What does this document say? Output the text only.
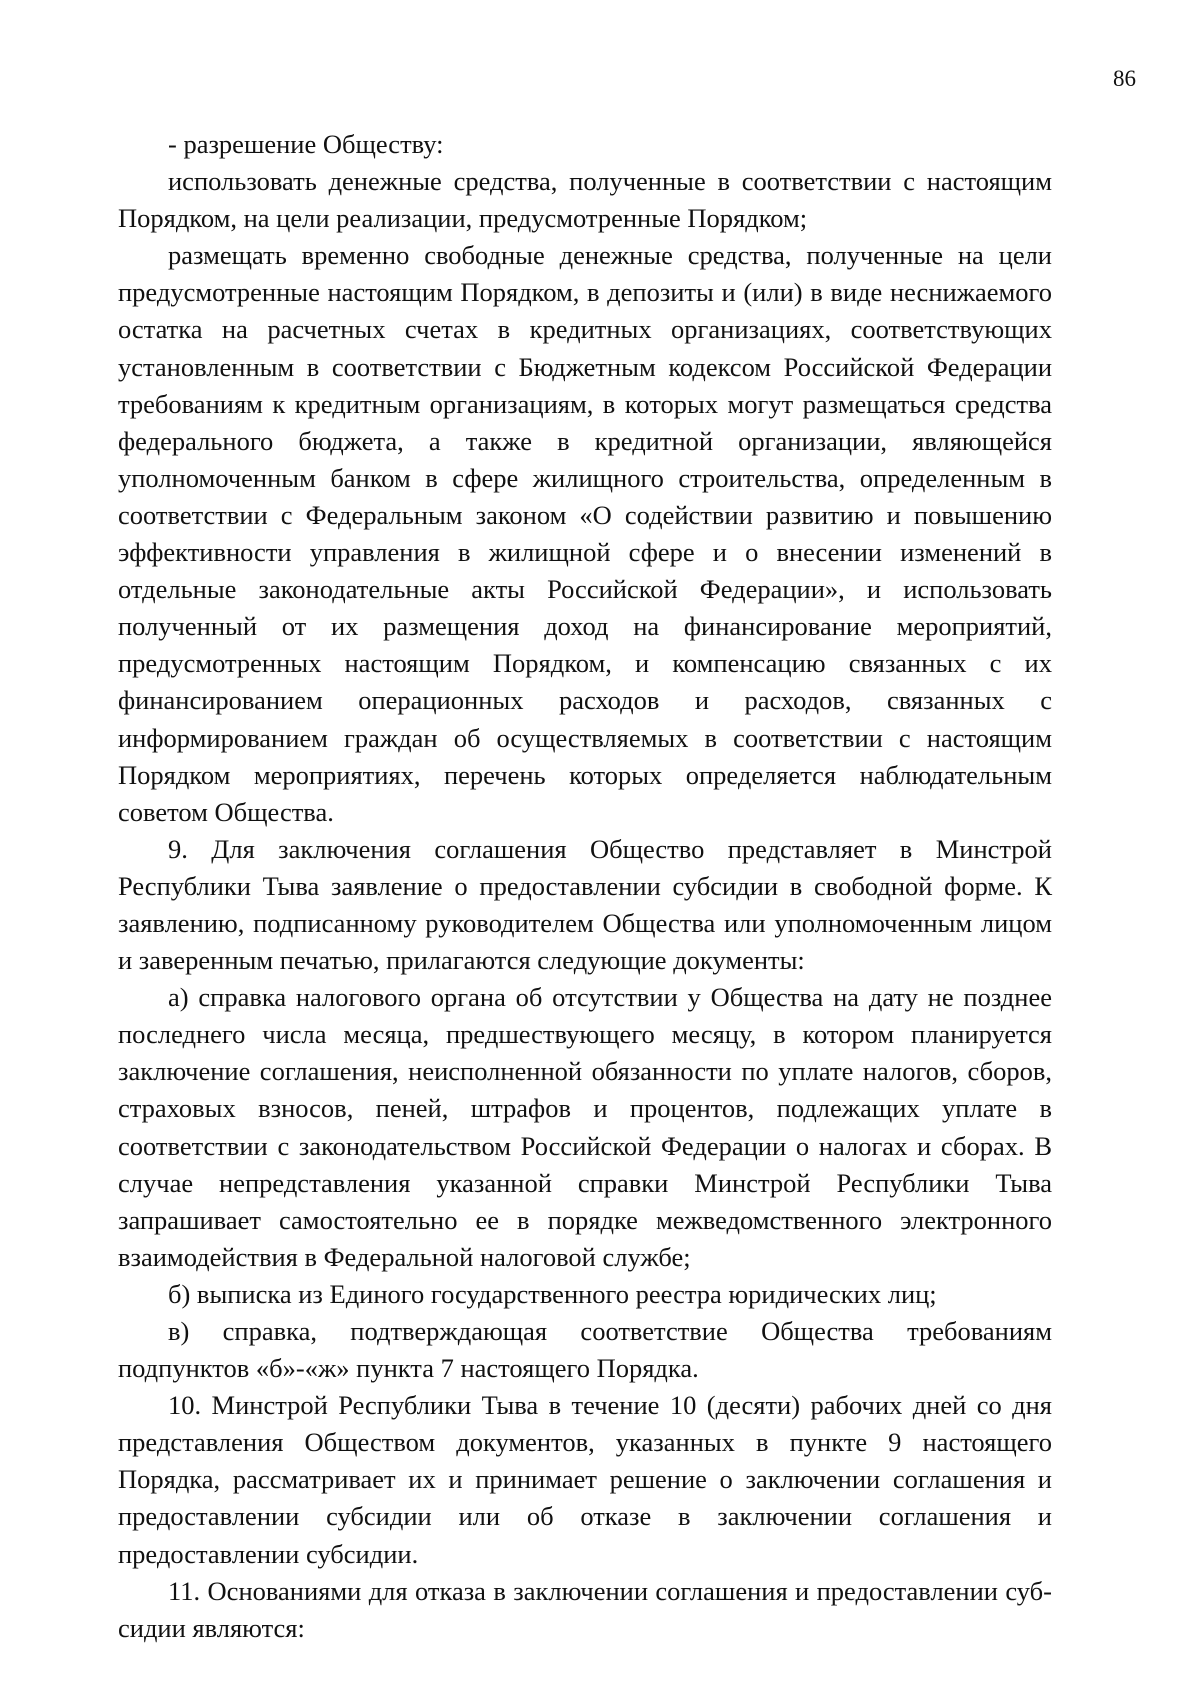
86

- разрешение Обществу:

использовать денежные средства, полученные в соответствии с настоящим Порядком, на цели реализации, предусмотренные Порядком;

размещать временно свободные денежные средства, полученные на цели предусмотренные настоящим Порядком, в депозиты и (или) в виде неснижаемого остатка на расчетных счетах в кредитных организациях, соответствующих установленным в соответствии с Бюджетным кодексом Российской Федерации требованиям к кредитным организациям, в которых могут размещаться средства федерального бюджета, а также в кредитной организации, являющейся уполномоченным банком в сфере жилищного строительства, определенным в соответствии с Федеральным законом «О содействии развитию и повышению эффективности управления в жилищной сфере и о внесении изменений в отдельные законодательные акты Российской Федерации», и использовать полученный от их размещения доход на финансирование мероприятий, предусмотренных настоящим Порядком, и компенсацию связанных с их финансированием операционных расходов и расходов, связанных с информированием граждан об осуществляемых в соответствии с настоящим Порядком мероприятиях, перечень которых определяется наблюдательным советом Общества.

9. Для заключения соглашения Общество представляет в Минстрой Республики Тыва заявление о предоставлении субсидии в свободной форме. К заявлению, подписанному руководителем Общества или уполномоченным лицом и заверенным печатью, прилагаются следующие документы:

а) справка налогового органа об отсутствии у Общества на дату не позднее последнего числа месяца, предшествующего месяцу, в котором планируется заключение соглашения, неисполненной обязанности по уплате налогов, сборов, страховых взносов, пеней, штрафов и процентов, подлежащих уплате в соответствии с законодательством Российской Федерации о налогах и сборах. В случае непредставления указанной справки Минстрой Республики Тыва запрашивает самостоятельно ее в порядке межведомственного электронного взаимодействия в Федеральной налоговой службе;

б) выписка из Единого государственного реестра юридических лиц;

в) справка, подтверждающая соответствие Общества требованиям подпунктов «б»-«ж» пункта 7 настоящего Порядка.

10. Минстрой Республики Тыва в течение 10 (десяти) рабочих дней со дня представления Обществом документов, указанных в пункте 9 настоящего Порядка, рассматривает их и принимает решение о заключении соглашения и предоставлении субсидии или об отказе в заключении соглашения и предоставлении субсидии.

11. Основаниями для отказа в заключении соглашения и предоставлении субсидии являются:
